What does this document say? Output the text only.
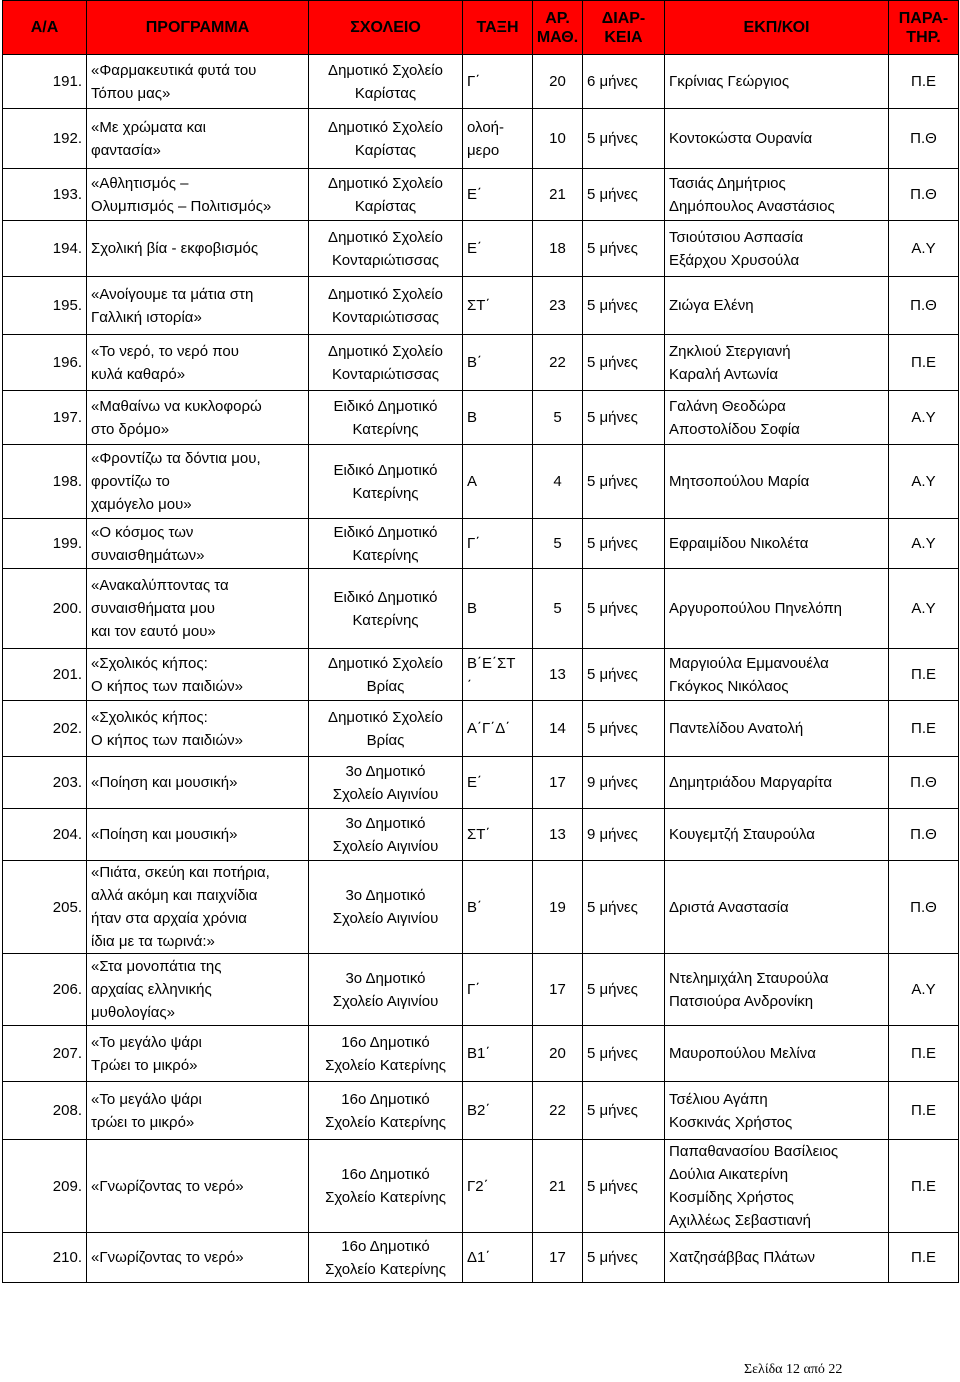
Α/Α	ΠΡΟΓΡΑΜΜΑ	ΣΧΟΛΕΙΟ	ΤΑΞΗ	ΑΡ. ΜΑΘ.	ΔΙΑΡ- ΚΕΙΑ	ΕΚΠ/ΚΟΙ	ΠΑΡΑ- ΤΗΡ.
191.	«Φαρμακευτικά φυτά του
Τόπου μας»	Δημοτικό Σχολείο
Καρίστας	Γ΄	20	6 μήνες	Γκρίνιας Γεώργιος	Π.Ε
192.	«Με χρώματα και
φαντασία»	Δημοτικό Σχολείο
Καρίστας	ολοή-
μερο	10	5 μήνες	Κοντοκώστα Ουρανία	Π.Θ
193.	«Αθλητισμός –
Ολυμπισμός – Πολιτισμός»	Δημοτικό Σχολείο
Καρίστας	Ε΄	21	5 μήνες	Τασιάς Δημήτριος
Δημόπουλος Αναστάσιος	Π.Θ
194.	Σχολική βία - εκφοβισμός	Δημοτικό Σχολείο
Κονταριώτισσας	Ε΄	18	5 μήνες	Τσιούτσιου Ασπασία
Εξάρχου Χρυσούλα	Α.Υ
195.	«Ανοίγουμε τα μάτια στη
Γαλλική ιστορία»	Δημοτικό Σχολείο
Κονταριώτισσας	ΣΤ΄	23	5 μήνες	Ζιώγα Ελένη	Π.Θ
196.	«Το νερό, το νερό που
κυλά καθαρό»	Δημοτικό Σχολείο
Κονταριώτισσας	Β΄	22	5 μήνες	Ζηκλιού Στεργιανή
Καραλή Αντωνία	Π.Ε
197.	«Μαθαίνω να κυκλοφορώ
στο δρόμο»	Ειδικό Δημοτικό
Κατερίνης	Β	5	5 μήνες	Γαλάνη Θεοδώρα
Αποστολίδου Σοφία	Α.Υ
198.	«Φροντίζω τα δόντια μου,
φροντίζω το
χαμόγελο μου»	Ειδικό Δημοτικό
Κατερίνης	Α	4	5 μήνες	Μητσοπούλου Μαρία	Α.Υ
199.	«Ο κόσμος των
συναισθημάτων»	Ειδικό Δημοτικό
Κατερίνης	Γ΄	5	5 μήνες	Εφραιμίδου Νικολέτα	Α.Υ
200.	«Ανακαλύπτοντας τα
συναισθήματα μου
και τον εαυτό μου»	Ειδικό Δημοτικό
Κατερίνης	Β	5	5 μήνες	Αργυροπούλου Πηνελόπη	Α.Υ
201.	«Σχολικός κήπος:
Ο κήπος των παιδιών»	Δημοτικό Σχολείο
Βρίας	Β΄Ε΄ΣΤ
΄	13	5 μήνες	Μαργιούλα Εμμανουέλα
Γκόγκος Νικόλαος	Π.Ε
202.	«Σχολικός κήπος:
Ο κήπος των παιδιών»	Δημοτικό Σχολείο
Βρίας	Α΄Γ΄Δ΄	14	5 μήνες	Παντελίδου Ανατολή	Π.Ε
203.	«Ποίηση και μουσική»	3ο Δημοτικό
Σχολείο Αιγινίου	Ε΄	17	9 μήνες	Δημητριάδου Μαργαρίτα	Π.Θ
204.	«Ποίηση και μουσική»	3ο Δημοτικό
Σχολείο Αιγινίου	ΣΤ΄	13	9 μήνες	Κουγεμτζή Σταυρούλα	Π.Θ
205.	«Πιάτα, σκεύη και ποτήρια,
αλλά ακόμη και παιχνίδια
ήταν στα αρχαία χρόνια
ίδια με τα τωρινά:»	3ο Δημοτικό
Σχολείο Αιγινίου	Β΄	19	5 μήνες	Δριστά Αναστασία	Π.Θ
206.	«Στα μονοπάτια της
αρχαίας ελληνικής
μυθολογίας»	3ο Δημοτικό
Σχολείο Αιγινίου	Γ΄	17	5 μήνες	Ντελημιχάλη Σταυρούλα
Πατσιούρα Ανδρονίκη	Α.Υ
207.	«Το μεγάλο ψάρι
Τρώει το μικρό»	16ο Δημοτικό
Σχολείο Κατερίνης	Β1΄	20	5 μήνες	Μαυροπούλου Μελίνα	Π.Ε
208.	«Το μεγάλο ψάρι
τρώει το μικρό»	16ο Δημοτικό
Σχολείο Κατερίνης	Β2΄	22	5 μήνες	Τσέλιου Αγάπη
Κοσκινάς Χρήστος	Π.Ε
209.	«Γνωρίζοντας το νερό»	16ο Δημοτικό
Σχολείο Κατερίνης	Γ2΄	21	5 μήνες	Παπαθανασίου Βασίλειος
Δούλια Αικατερίνη
Κοσμίδης Χρήστος
Αχιλλέως Σεβαστιανή	Π.Ε
210.	«Γνωρίζοντας το νερό»	16ο Δημοτικό
Σχολείο Κατερίνης	Δ1΄	17	5 μήνες	Χατζησάββας Πλάτων	Π.Ε
Σελίδα 12 από 22
